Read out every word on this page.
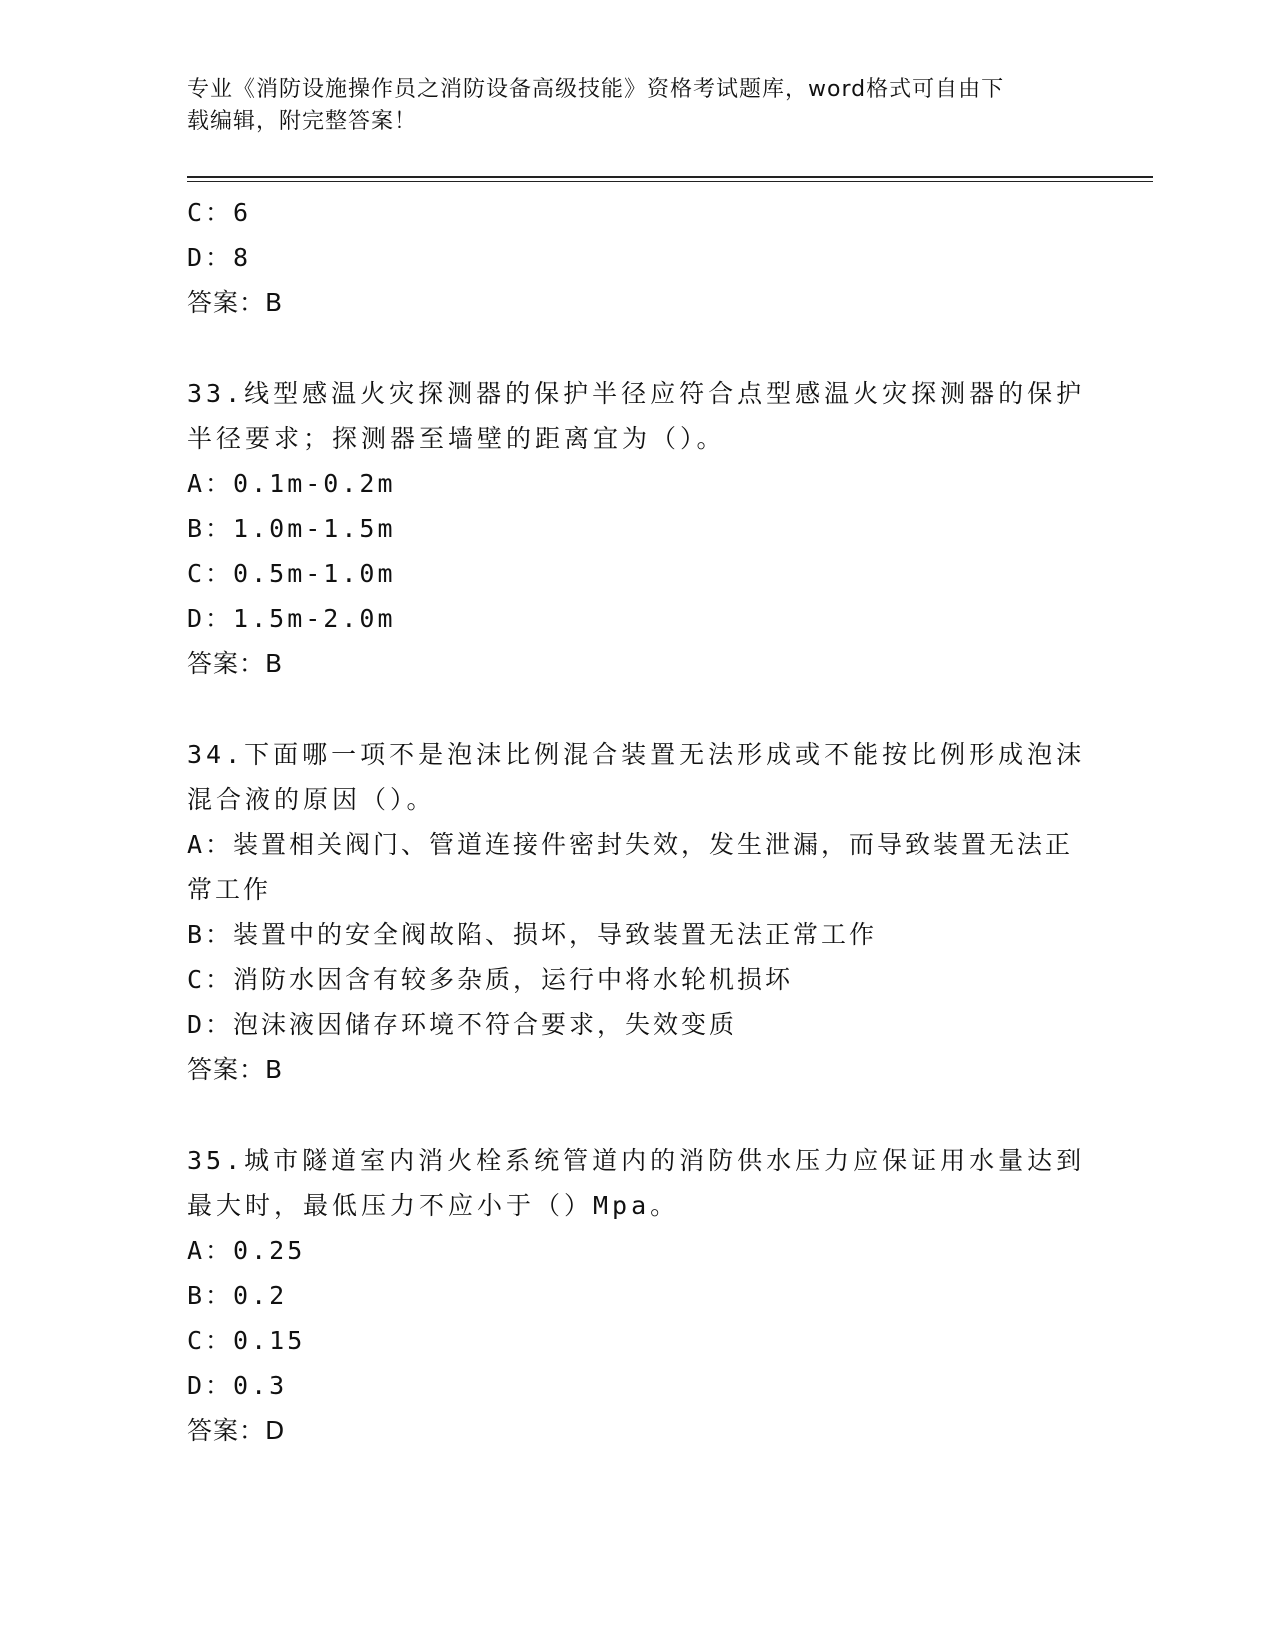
专业《消防设施操作员之消防设备高级技能》资格考试题库，word格式可自由下
载编辑，附完整答案！
C：6
D：8
答案：B
33.线型感温火灾探测器的保护半径应符合点型感温火灾探测器的保护半径要求；探测器至墙壁的距离宜为（）。
A：0.1m-0.2m
B：1.0m-1.5m
C：0.5m-1.0m
D：1.5m-2.0m
答案：B
34.下面哪一项不是泡沫比例混合装置无法形成或不能按比例形成泡沫混合液的原因（）。
A：装置相关阀门、管道连接件密封失效，发生泄漏，而导致装置无法正常工作
B：装置中的安全阀故陷、损坏，导致装置无法正常工作
C：消防水因含有较多杂质，运行中将水轮机损坏
D：泡沫液因储存环境不符合要求，失效变质
答案：B
35.城市隧道室内消火栓系统管道内的消防供水压力应保证用水量达到最大时，最低压力不应小于（）Mpa。
A：0.25
B：0.2
C：0.15
D：0.3
答案：D
